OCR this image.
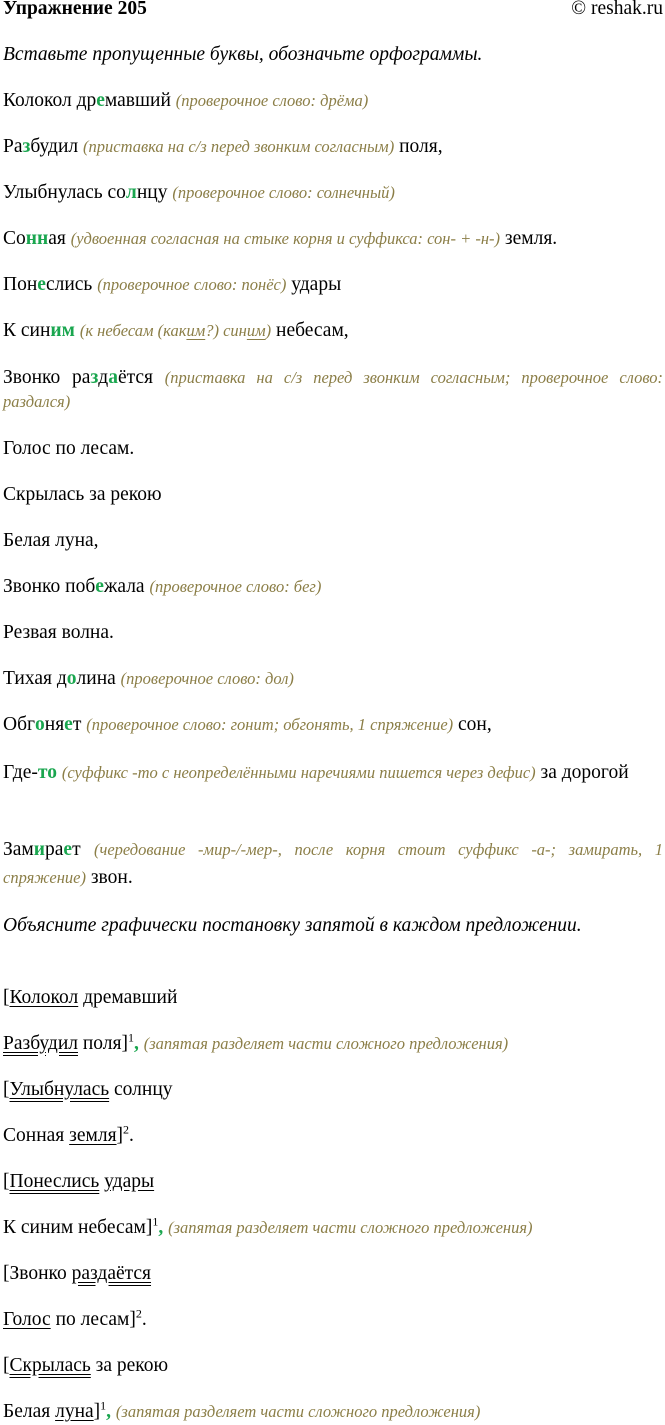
Упражнение 205	© reshak.ru
Вставьте пропущенные буквы, обозначьте орфограммы.
Колокол дремавший (проверочное слово: дрёма)
Разбудил (приставка на с/з перед звонким согласным) поля,
Улыбнулась солнцу (проверочное слово: солнечный)
Сонная (удвоенная согласная на стыке корня и суффикса: сон- + -н-) земля.
Понеслись (проверочное слово: понёс) удары
К синим (к небесам (каким?) синим) небесам,
Звонко раздаётся (приставка на с/з перед звонким согласным; проверочное слово: раздался)
Голос по лесам.
Скрылась за рекою
Белая луна,
Звонко побежала (проверочное слово: бег)
Резвая волна.
Тихая долина (проверочное слово: дол)
Обгоняет (проверочное слово: гонит; обгонять, 1 спряжение) сон,
Где-то (суффикс -то с неопределёнными наречиями пишется через дефис) за дорогой
Замирает (чередование -мир-/-мер-, после корня стоит суффикс -а-; замирать, 1 спряжение) звон.
Объясните графически постановку запятой в каждом предложении.
[Колокол дремавший
Разбудил поля]$^1$, (запятая разделяет части сложного предложения)
[Улыбнулась солнцу
Сонная земля]$^2$.
[Понеслись удары
К синим небесам]$^1$, (запятая разделяет части сложного предложения)
[Звонко раздаётся
Голос по лесам]$^2$.
[Скрылась за рекою
Белая луна]$^1$, (запятая разделяет части сложного предложения)
